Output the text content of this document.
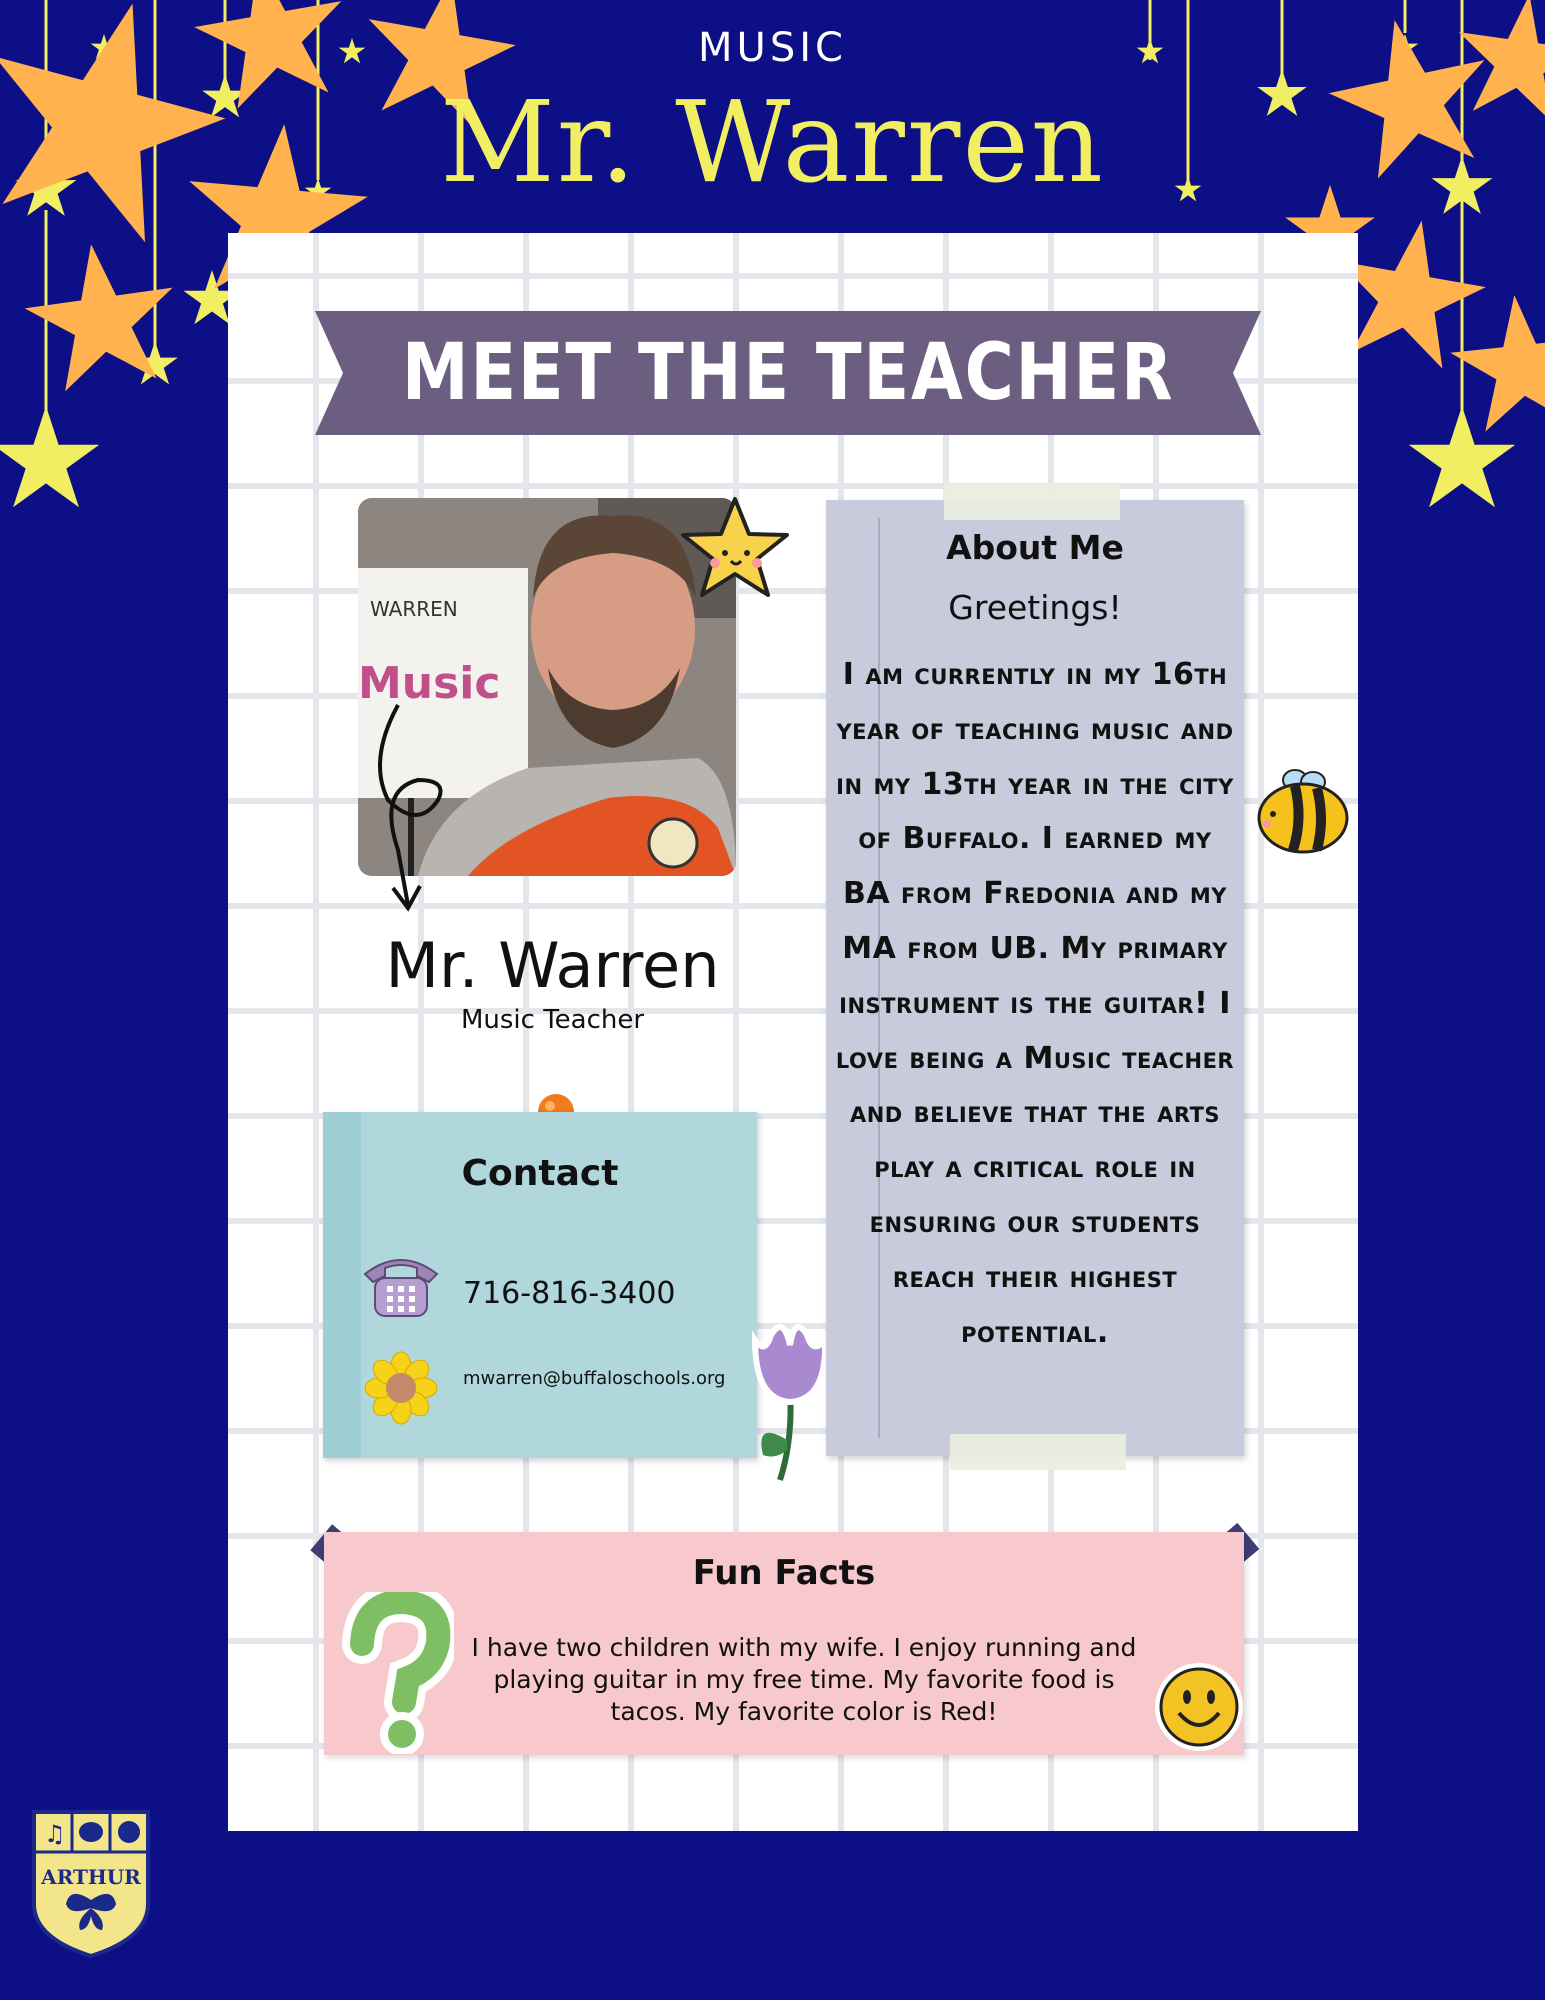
MUSIC
Mr. Warren
MEET THE TEACHER
WARREN
Music
Mr. Warren
Music Teacher
Contact
716-816-3400
mwarren@buffaloschools.org
About Me
Greetings!
I am currently in my 16th year of teaching music and in my 13th year in the city of Buffalo. I earned my BA from Fredonia and my MA from UB. My primary instrument is the guitar! I love being a Music teacher and believe that the arts play a critical role in ensuring our students reach their highest potential.
Fun Facts
I have two children with my wife. I enjoy running and playing guitar in my free time. My favorite food is tacos. My favorite color is Red!
♫
ARTHUR
